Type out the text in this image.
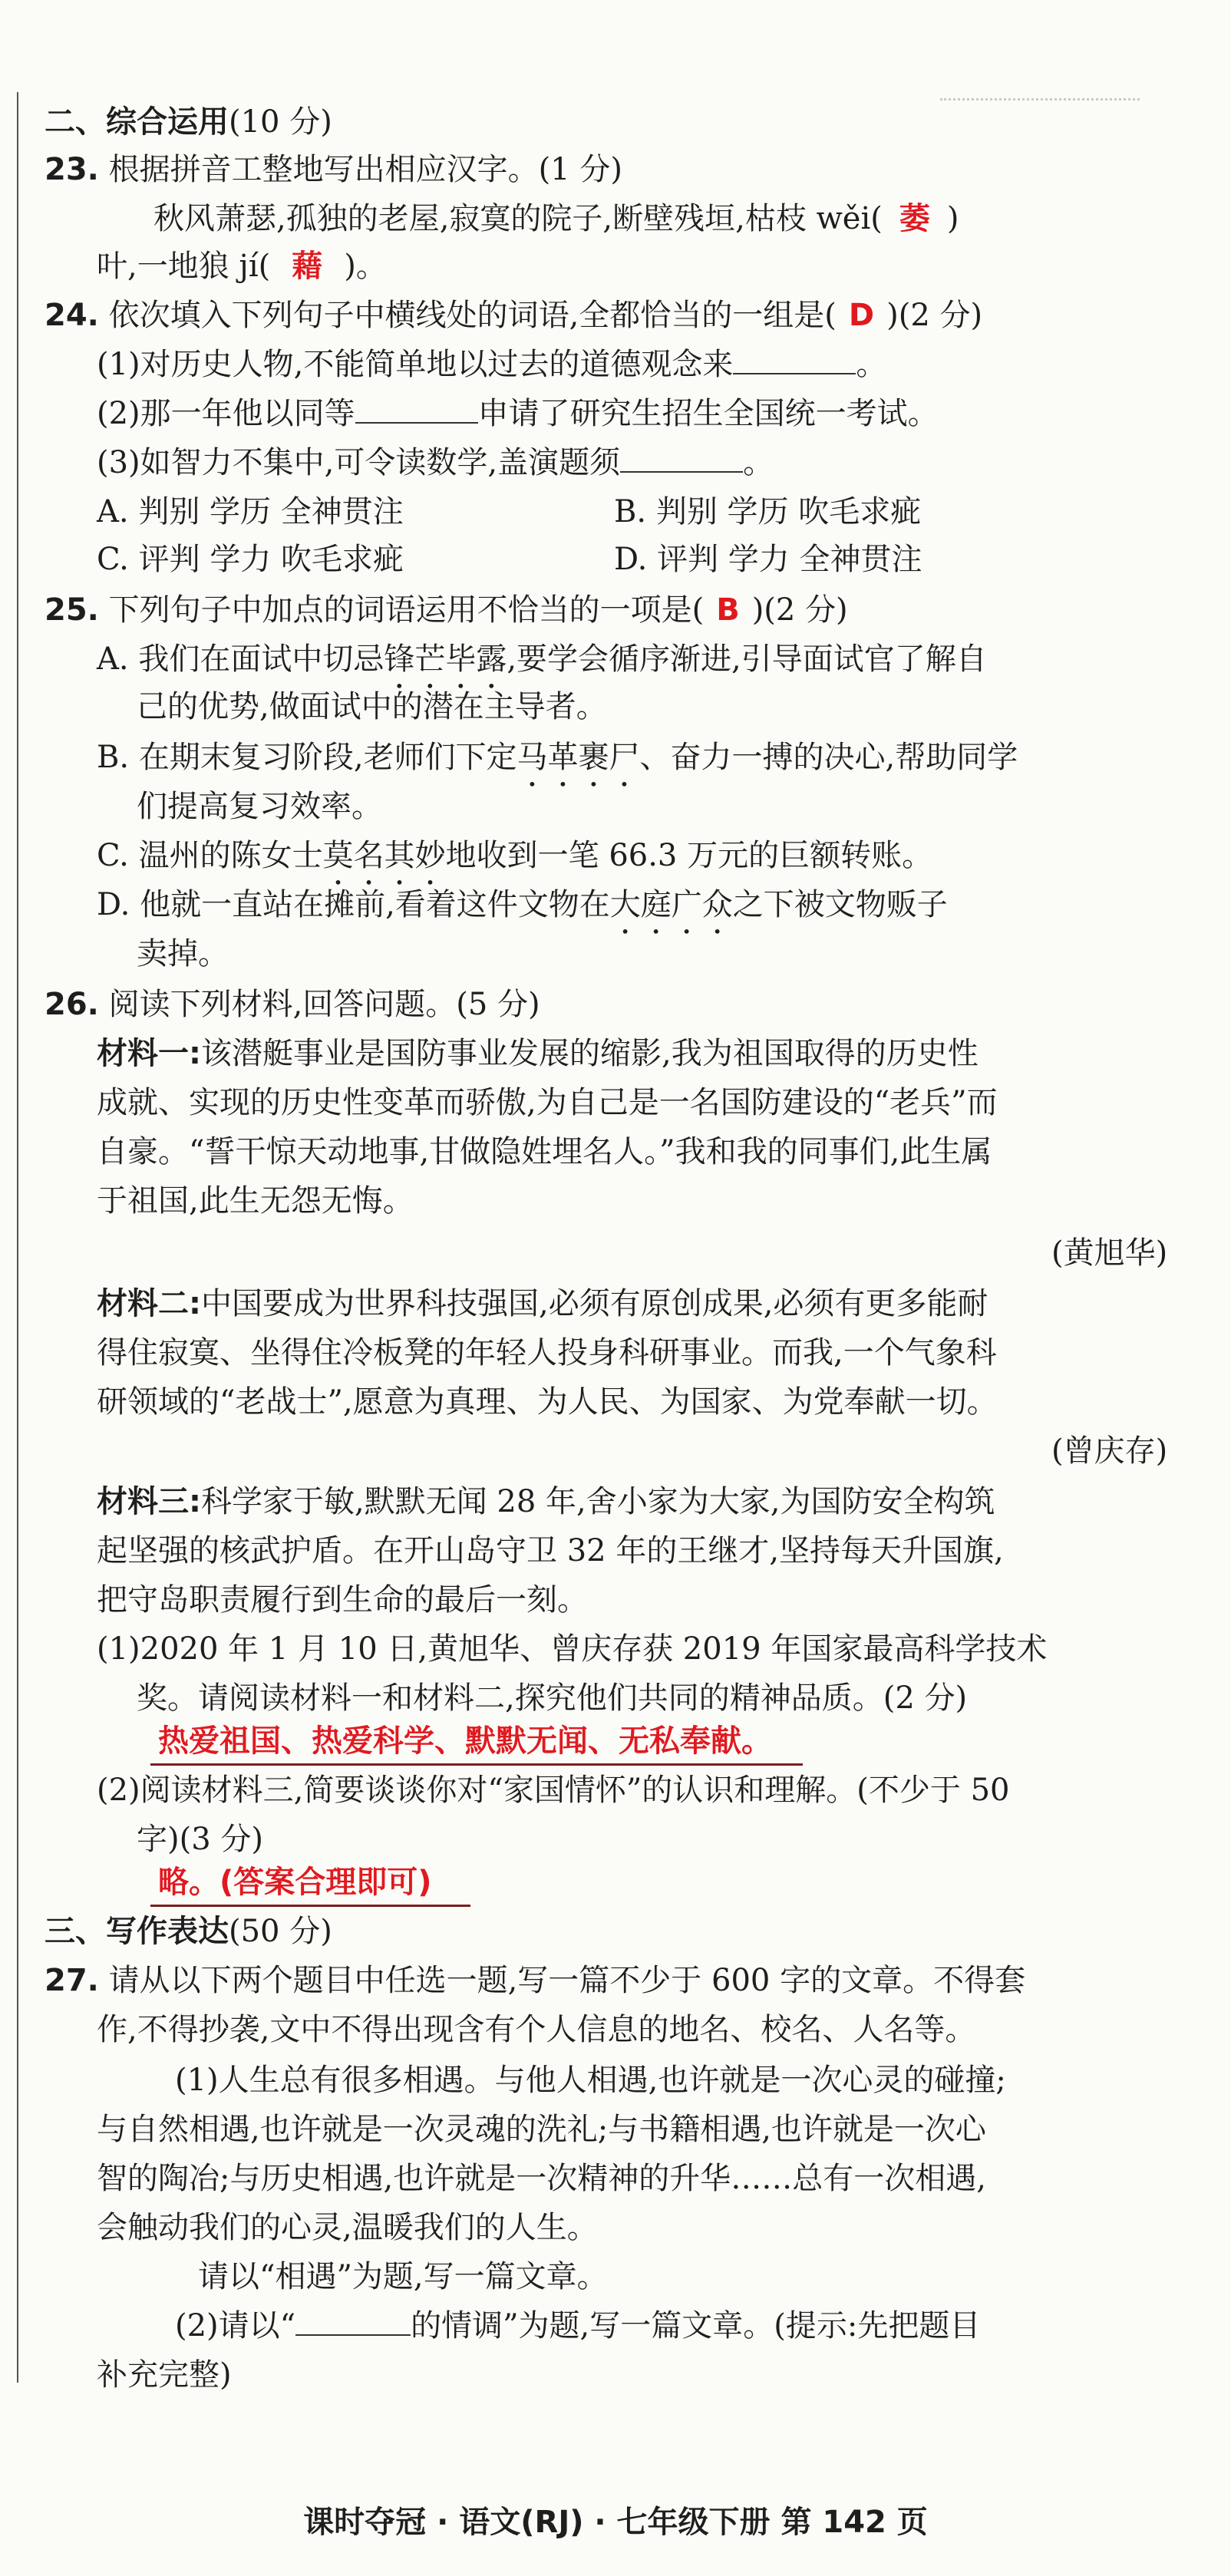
二、综合运用(10 分)
23. 根据拼音工整地写出相应汉字。(1 分)
秋风萧瑟,孤独的老屋,寂寞的院子,断壁残垣,枯枝 wěi( 萎 )
叶,一地狼 jí( 藉 )。
24. 依次填入下列句子中横线处的词语,全都恰当的一组是( D )(2 分)
(1)对历史人物,不能简单地以过去的道德观念来	。
(2)那一年他以同等	申请了研究生招生全国统一考试。
(3)如智力不集中,可令读数学,盖演题须	。
A. 判别 学历 全神贯注	B. 判别 学历 吹毛求疵
C. 评判 学力 吹毛求疵	D. 评判 学力 全神贯注
25. 下列句子中加点的词语运用不恰当的一项是( B )(2 分)
A. 我们在面试中切忌锋芒毕露,要学会循序渐进,引导面试官了解自
己的优势,做面试中的潜在主导者。
B. 在期末复习阶段,老师们下定马革裹尸、奋力一搏的决心,帮助同学
们提高复习效率。
C. 温州的陈女士莫名其妙地收到一笔 66.3 万元的巨额转账。
D. 他就一直站在摊前,看着这件文物在大庭广众之下被文物贩子
卖掉。
26. 阅读下列材料,回答问题。(5 分)
材料一:该潜艇事业是国防事业发展的缩影,我为祖国取得的历史性
成就、实现的历史性变革而骄傲,为自己是一名国防建设的“老兵”而
自豪。“誓干惊天动地事,甘做隐姓埋名人。”我和我的同事们,此生属
于祖国,此生无怨无悔。
(黄旭华)
材料二:中国要成为世界科技强国,必须有原创成果,必须有更多能耐
得住寂寞、坐得住冷板凳的年轻人投身科研事业。而我,一个气象科
研领域的“老战士”,愿意为真理、为人民、为国家、为党奉献一切。
(曾庆存)
材料三:科学家于敏,默默无闻 28 年,舍小家为大家,为国防安全构筑
起坚强的核武护盾。在开山岛守卫 32 年的王继才,坚持每天升国旗,
把守岛职责履行到生命的最后一刻。
(1)2020 年 1 月 10 日,黄旭华、曾庆存获 2019 年国家最高科学技术
奖。请阅读材料一和材料二,探究他们共同的精神品质。(2 分)
热爱祖国、热爱科学、默默无闻、无私奉献。
(2)阅读材料三,简要谈谈你对“家国情怀”的认识和理解。(不少于 50
字)(3 分)
略。(答案合理即可)
三、写作表达(50 分)
27. 请从以下两个题目中任选一题,写一篇不少于 600 字的文章。不得套
作,不得抄袭,文中不得出现含有个人信息的地名、校名、人名等。
(1)人生总有很多相遇。与他人相遇,也许就是一次心灵的碰撞;
与自然相遇,也许就是一次灵魂的洗礼;与书籍相遇,也许就是一次心
智的陶冶;与历史相遇,也许就是一次精神的升华……总有一次相遇,
会触动我们的心灵,温暖我们的人生。
请以“相遇”为题,写一篇文章。
(2)请以“	的情调”为题,写一篇文章。(提示:先把题目
补充完整)
课时夺冠 · 语文(RJ) · 七年级下册 第 142 页
